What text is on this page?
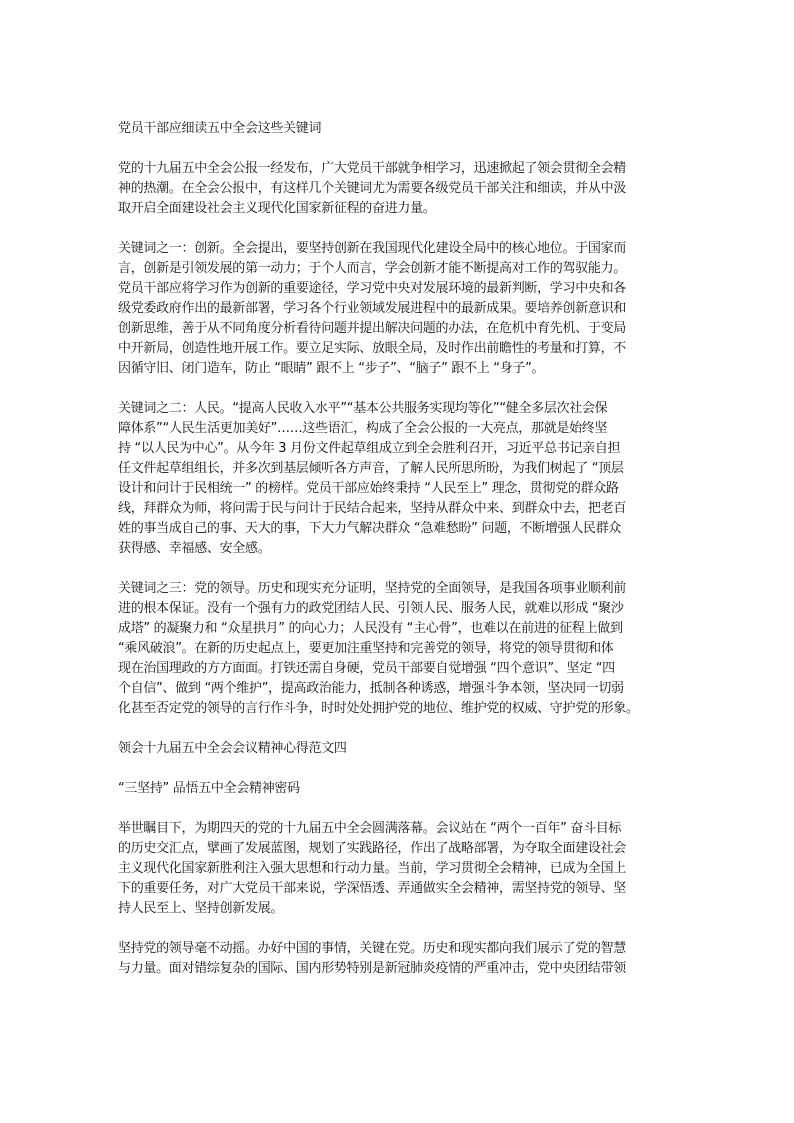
党员干部应细读五中全会这些关键词
党的十九届五中全会公报一经发布，广大党员干部就争相学习，迅速掀起了领会贯彻全会精
神的热潮。在全会公报中，有这样几个关键词尤为需要各级党员干部关注和细读，并从中汲
取开启全面建设社会主义现代化国家新征程的奋进力量。
关键词之一：创新。全会提出，要坚持创新在我国现代化建设全局中的核心地位。于国家而
言，创新是引领发展的第一动力；于个人而言，学会创新才能不断提高对工作的驾驭能力。
党员干部应将学习作为创新的重要途径，学习党中央对发展环境的最新判断，学习中央和各
级党委政府作出的最新部署，学习各个行业领域发展进程中的最新成果。要培养创新意识和
创新思维，善于从不同角度分析看待问题并提出解决问题的办法，在危机中育先机、于变局
中开新局，创造性地开展工作。要立足实际、放眼全局，及时作出前瞻性的考量和打算，不
因循守旧、闭门造车，防止 “眼睛” 跟不上 “步子”、“脑子” 跟不上 “身子”。
关键词之二：人民。“提高人民收入水平”“基本公共服务实现均等化”“健全多层次社会保
障体系”“人民生活更加美好”……这些语汇，构成了全会公报的一大亮点，那就是始终坚
持 “以人民为中心”。从今年 3 月份文件起草组成立到全会胜利召开，习近平总书记亲自担
任文件起草组组长，并多次到基层倾听各方声音，了解人民所思所盼，为我们树起了 “顶层
设计和问计于民相统一” 的榜样。党员干部应始终秉持 “人民至上” 理念，贯彻党的群众路
线，拜群众为师，将问需于民与问计于民结合起来，坚持从群众中来、到群众中去，把老百
姓的事当成自己的事、天大的事，下大力气解决群众 “急难愁盼” 问题，不断增强人民群众
获得感、幸福感、安全感。
关键词之三：党的领导。历史和现实充分证明，坚持党的全面领导，是我国各项事业顺利前
进的根本保证。没有一个强有力的政党团结人民、引领人民、服务人民，就难以形成 “聚沙
成塔” 的凝聚力和 “众星拱月” 的向心力；人民没有 “主心骨”，也难以在前进的征程上做到
“乘风破浪”。在新的历史起点上，要更加注重坚持和完善党的领导，将党的领导贯彻和体
现在治国理政的方方面面。打铁还需自身硬，党员干部要自觉增强 “四个意识”、坚定 “四
个自信”、做到 “两个维护”，提高政治能力，抵制各种诱惑，增强斗争本领，坚决同一切弱
化甚至否定党的领导的言行作斗争，时时处处拥护党的地位、维护党的权威、守护党的形象。
领会十九届五中全会会议精神心得范文四
“三坚持” 品悟五中全会精神密码
举世瞩目下，为期四天的党的十九届五中全会圆满落幕。会议站在 “两个一百年” 奋斗目标
的历史交汇点，擘画了发展蓝图，规划了实践路径，作出了战略部署，为夺取全面建设社会
主义现代化国家新胜利注入强大思想和行动力量。当前，学习贯彻全会精神，已成为全国上
下的重要任务，对广大党员干部来说，学深悟透、弄通做实全会精神，需坚持党的领导、坚
持人民至上、坚持创新发展。
坚持党的领导毫不动摇。办好中国的事情，关键在党。历史和现实都向我们展示了党的智慧
与力量。面对错综复杂的国际、国内形势特别是新冠肺炎疫情的严重冲击，党中央团结带领
